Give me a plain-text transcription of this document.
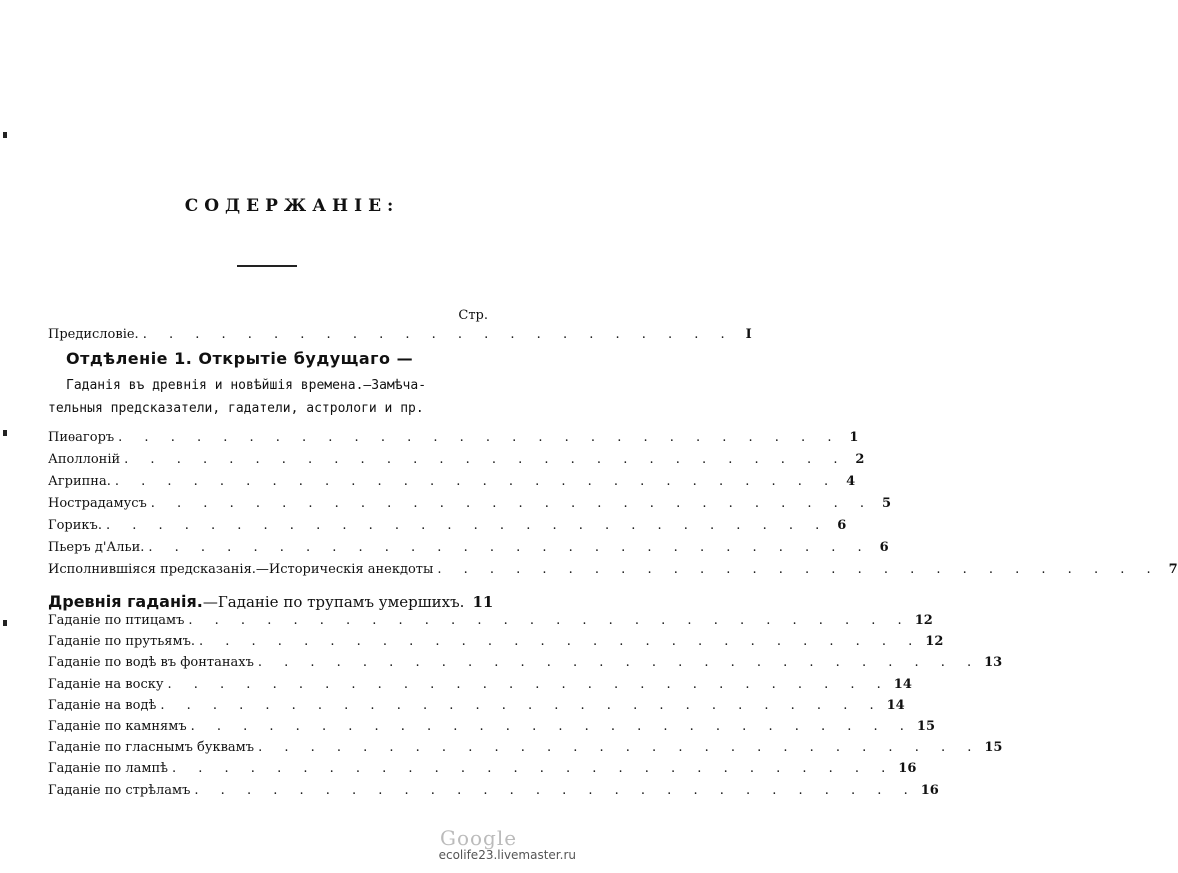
СОДЕРЖАНІЕ:
Стр.
Предисловіе. . . . . . . . . . . . . . . . . . . . . . . . I
Отдѣленіе 1. Открытіе будущаго —
Гаданія въ древнія и новѣйшія времена.—Замѣча-
тельныя предсказатели, гадатели, астрологи и пр.
Пиѳагоръ . . . . . . . . . . . . . . . . . . . . . . . . . . . . 1
Аполлоній . . . . . . . . . . . . . . . . . . . . . . . . . . . . 2
Агрипна. . . . . . . . . . . . . . . . . . . . . . . . . . . . . 4
Нострадамусъ . . . . . . . . . . . . . . . . . . . . . . . . . . . . 5
Горикъ. . . . . . . . . . . . . . . . . . . . . . . . . . . . . 6
Пьеръ д'Альи. . . . . . . . . . . . . . . . . . . . . . . . . . . . . 6
Исполнившіяся предсказанія.—Историческія анекдоты . . . . . . . . . . . . . . . . . . . . . . . . . . . . 7
Древнія гаданія.—Гаданіе по трупамъ умершихъ. 11
Гаданіе по птицамъ . . . . . . . . . . . . . . . . . . . . . . . . . . . . 12
Гаданіе по прутьямъ. . . . . . . . . . . . . . . . . . . . . . . . . . . . . 12
Гаданіе по водѣ въ фонтанахъ . . . . . . . . . . . . . . . . . . . . . . . . . . . . 13
Гаданіе на воску . . . . . . . . . . . . . . . . . . . . . . . . . . . . 14
Гаданіе на водѣ . . . . . . . . . . . . . . . . . . . . . . . . . . . . 14
Гаданіе по камнямъ . . . . . . . . . . . . . . . . . . . . . . . . . . . . 15
Гаданіе по гласнымъ буквамъ . . . . . . . . . . . . . . . . . . . . . . . . . . . . 15
Гаданіе по лампѣ . . . . . . . . . . . . . . . . . . . . . . . . . . . . 16
Гаданіе по стрѣламъ . . . . . . . . . . . . . . . . . . . . . . . . . . . . 16
Google
ecolife23.livemaster.ru
